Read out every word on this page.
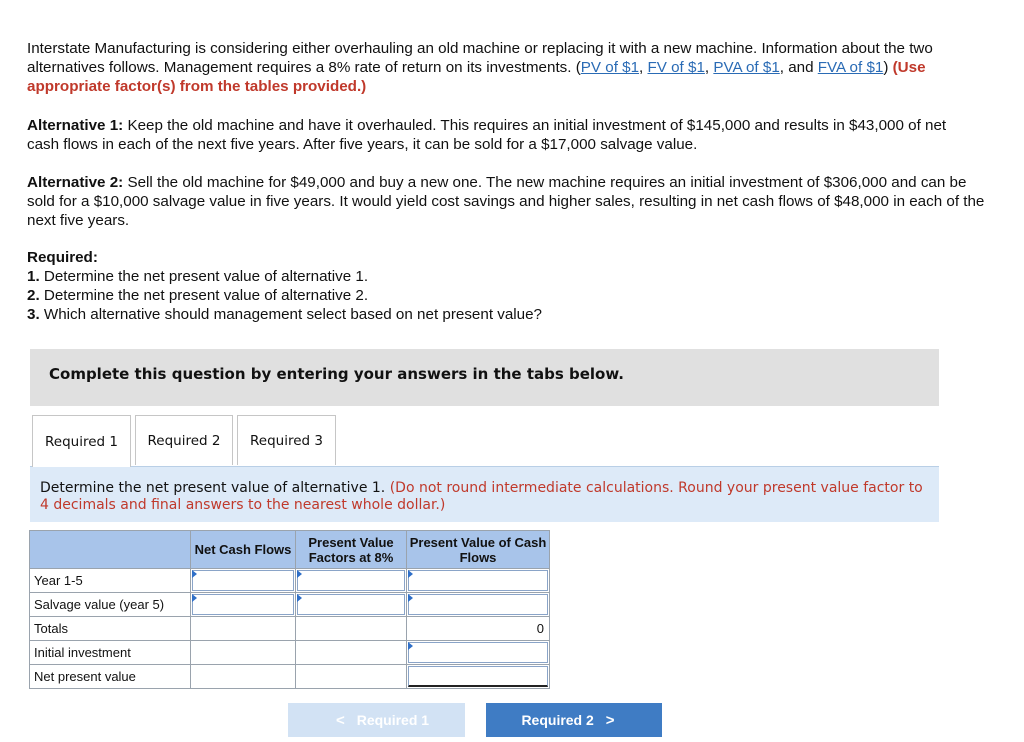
Interstate Manufacturing is considering either overhauling an old machine or replacing it with a new machine. Information about the two alternatives follows. Management requires a 8% rate of return on its investments. (PV of $1, FV of $1, PVA of $1, and FVA of $1) (Use appropriate factor(s) from the tables provided.)

Alternative 1: Keep the old machine and have it overhauled. This requires an initial investment of $145,000 and results in $43,000 of net cash flows in each of the next five years. After five years, it can be sold for a $17,000 salvage value.

Alternative 2: Sell the old machine for $49,000 and buy a new one. The new machine requires an initial investment of $306,000 and can be sold for a $10,000 salvage value in five years. It would yield cost savings and higher sales, resulting in net cash flows of $48,000 in each of the next five years.

Required:
1. Determine the net present value of alternative 1.
2. Determine the net present value of alternative 2.
3. Which alternative should management select based on net present value?
Complete this question by entering your answers in the tabs below.
Required 1	Required 2	Required 3

Determine the net present value of alternative 1. (Do not round intermediate calculations. Round your present value factor to 4 decimals and final answers to the nearest whole dollar.)

	Net Cash Flows	Present Value Factors at 8%	Present Value of Cash Flows
Year 1-5	

Salvage value (year 5)	

Totals			0
Initial investment			

Net present value			
< Required 1	Required 2 >
